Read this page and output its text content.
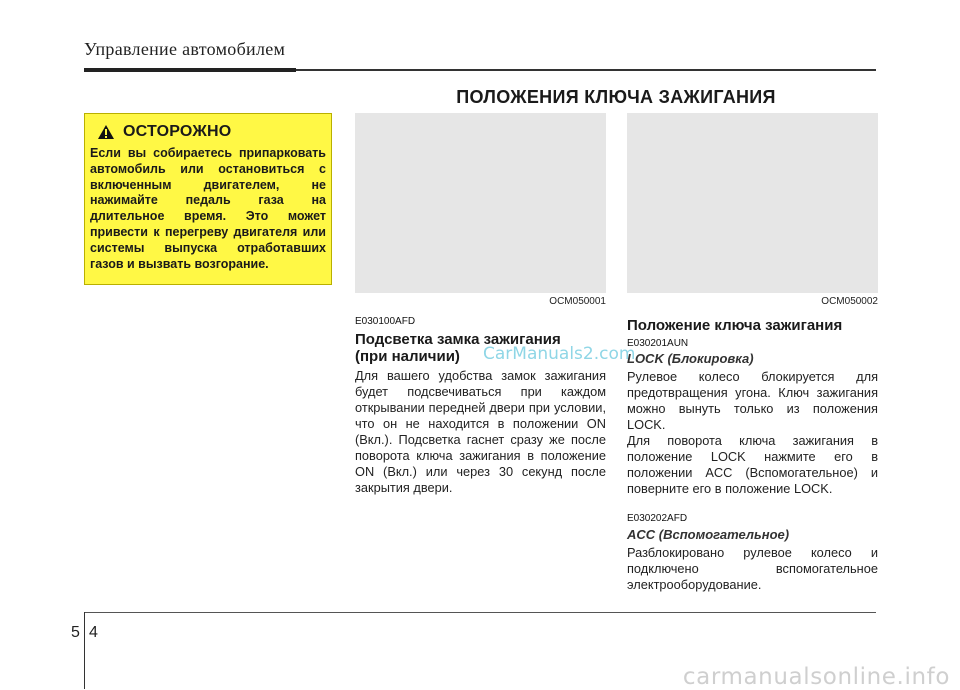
Управление автомобилем
ПОЛОЖЕНИЯ КЛЮЧА ЗАЖИГАНИЯ
ОСТОРОЖНО
Если вы собираетесь припарковать автомобиль или остановиться с включенным двигателем, не нажимайте педаль газа на длительное время. Это может привести к перегреву двигателя или системы выпуска отработавших газов и вызвать возгорание.
OCM050001	OCM050002
E030100AFD
Подсветка замка зажигания
(при наличии)
Для вашего удобства замок зажигания будет подсвечиваться при каждом открывании передней двери при условии, что он не находится в положении ON (Вкл.). Подсветка гаснет сразу же после поворота ключа зажигания в положение ON (Вкл.) или через 30 секунд после закрытия двери.
Положение ключа зажигания
E030201AUN
LOCK (Блокировка)
Рулевое колесо блокируется для предотвращения угона. Ключ зажигания можно вынуть только из положения LOCK.
Для поворота ключа зажигания в положение LOCK нажмите его в положении ACC (Вспомогательное) и поверните его в положение LOCK.
E030202AFD
ACC (Вспомогательное)
Разблокировано рулевое колесо и подключено вспомогательное электрооборудование.
CarManuals2.com
5 4
carmanualsonline.info
